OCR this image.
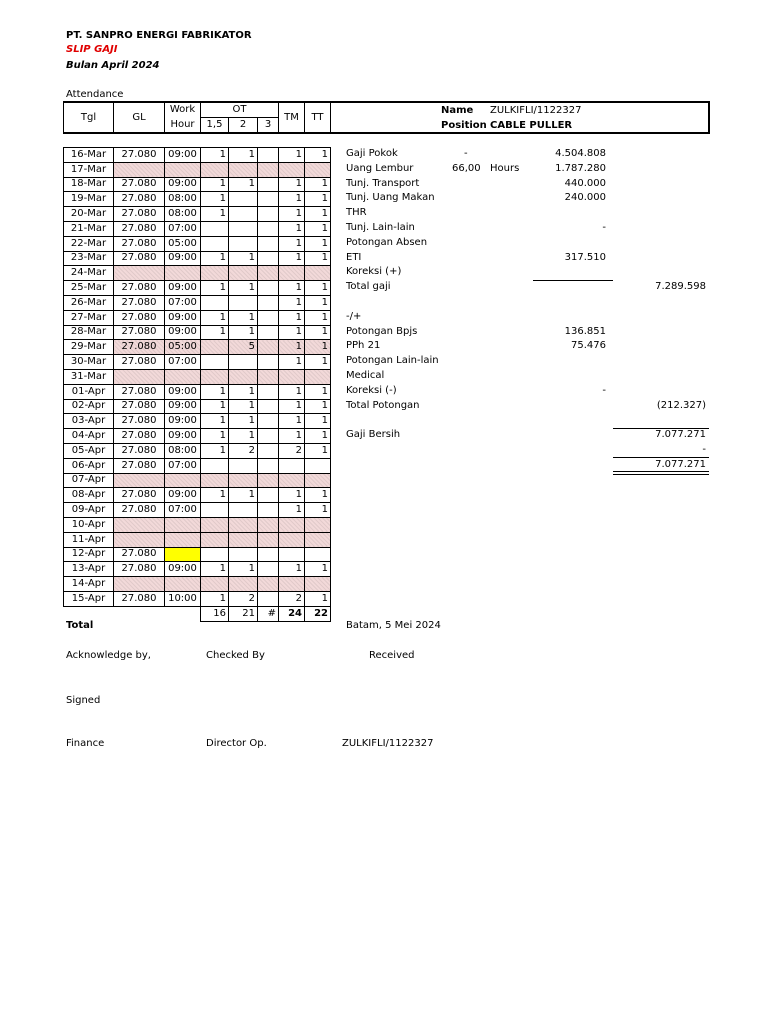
PT. SANPRO ENERGI FABRIKATOR
SLIP GAJI
Bulan April 2024
Attendance
Tgl	GL	Work	OT			TM	TT
		Hour	1,5	2	3		
Name ZULKIFLI/1122327
Position CABLE PULLER
16-Mar	27.080	09:00	1	1		1	1
17-Mar							
18-Mar	27.080	09:00	1	1		1	1
19-Mar	27.080	08:00	1			1	1
20-Mar	27.080	08:00	1			1	1
21-Mar	27.080	07:00				1	1
22-Mar	27.080	05:00				1	1
23-Mar	27.080	09:00	1	1		1	1
24-Mar							
25-Mar	27.080	09:00	1	1		1	1
26-Mar	27.080	07:00				1	1
27-Mar	27.080	09:00	1	1		1	1
28-Mar	27.080	09:00	1	1		1	1
29-Mar	27.080	05:00		5		1	1
30-Mar	27.080	07:00				1	1
31-Mar							
01-Apr	27.080	09:00	1	1		1	1
02-Apr	27.080	09:00	1	1		1	1
03-Apr	27.080	09:00	1	1		1	1
04-Apr	27.080	09:00	1	1		1	1
05-Apr	27.080	08:00	1	2		2	1
06-Apr	27.080	07:00					
07-Apr							
08-Apr	27.080	09:00	1	1		1	1
09-Apr	27.080	07:00				1	1
10-Apr							
11-Apr							
12-Apr	27.080						
13-Apr	27.080	09:00	1	1		1	1
14-Apr							
15-Apr	27.080	10:00	1	2		2	1
			16	21	#	24	22
Total	Batam, 5 Mei 2024
Gaji Pokok	-	4.504.808
Uang Lembur	66,00 Hours	1.787.280
Tunj. Transport	440.000
Tunj. Uang Makan	240.000
THR
Tunj. Lain-lain	-
Potongan Absen
ETI	317.510
Koreksi (+)
Total gaji	7.289.598
-/+
Potongan Bpjs	136.851
PPh 21	75.476
Potongan Lain-lain
Medical
Koreksi (-)	-
Total Potongan	(212.327)
Gaji Bersih	7.077.271
-
7.077.271
Acknowledge by,	Checked By	Received
Signed
Finance	Director Op.	ZULKIFLI/1122327
